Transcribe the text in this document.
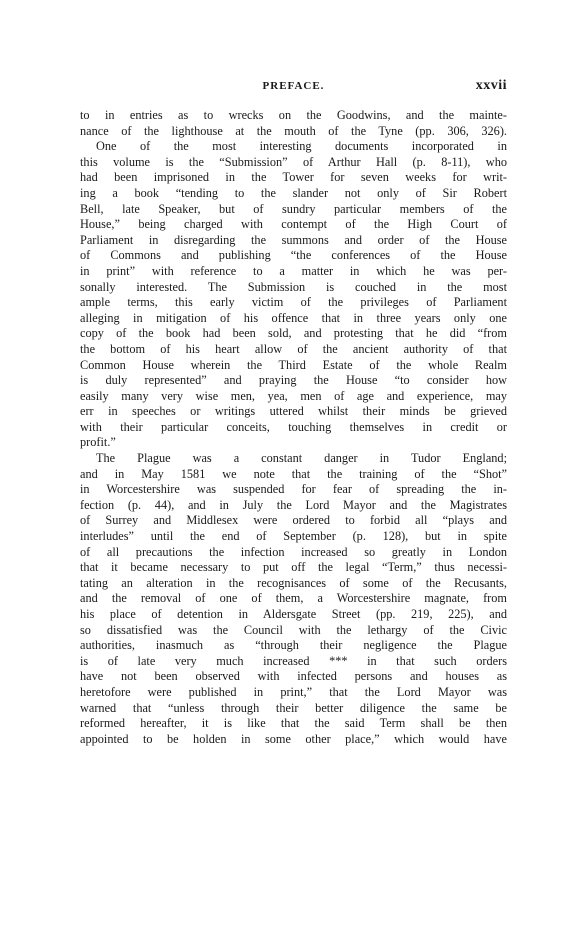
PREFACE.	xxvii
to in entries as to wrecks on the Goodwins, and the mainte-
nance of the lighthouse at the mouth of the Tyne (pp. 306, 326).
One of the most interesting documents incorporated in
this volume is the “Submission” of Arthur Hall (p. 8-11), who
had been imprisoned in the Tower for seven weeks for writ-
ing a book “tending to the slander not only of Sir Robert
Bell, late Speaker, but of sundry particular members of the
House,” being charged with contempt of the High Court of
Parliament in disregarding the summons and order of the House
of Commons and publishing “the conferences of the House
in print” with reference to a matter in which he was per-
sonally interested. The Submission is couched in the most
ample terms, this early victim of the privileges of Parliament
alleging in mitigation of his offence that in three years only one
copy of the book had been sold, and protesting that he did “from
the bottom of his heart allow of the ancient authority of that
Common House wherein the Third Estate of the whole Realm
is duly represented” and praying the House “to consider how
easily many very wise men, yea, men of age and experience, may
err in speeches or writings uttered whilst their minds be grieved
with their particular conceits, touching themselves in credit or
profit.”
The Plague was a constant danger in Tudor England;
and in May 1581 we note that the training of the “Shot”
in Worcestershire was suspended for fear of spreading the in-
fection (p. 44), and in July the Lord Mayor and the Magistrates
of Surrey and Middlesex were ordered to forbid all “plays and
interludes” until the end of September (p. 128), but in spite
of all precautions the infection increased so greatly in London
that it became necessary to put off the legal “Term,” thus necessi-
tating an alteration in the recognisances of some of the Recusants,
and the removal of one of them, a Worcestershire magnate, from
his place of detention in Aldersgate Street (pp. 219, 225), and
so dissatisfied was the Council with the lethargy of the Civic
authorities, inasmuch as “through their negligence the Plague
is of late very much increased *** in that such orders
have not been observed with infected persons and houses as
heretofore were published in print,” that the Lord Mayor was
warned that “unless through their better diligence the same be
reformed hereafter, it is like that the said Term shall be then
appointed to be holden in some other place,” which would have
